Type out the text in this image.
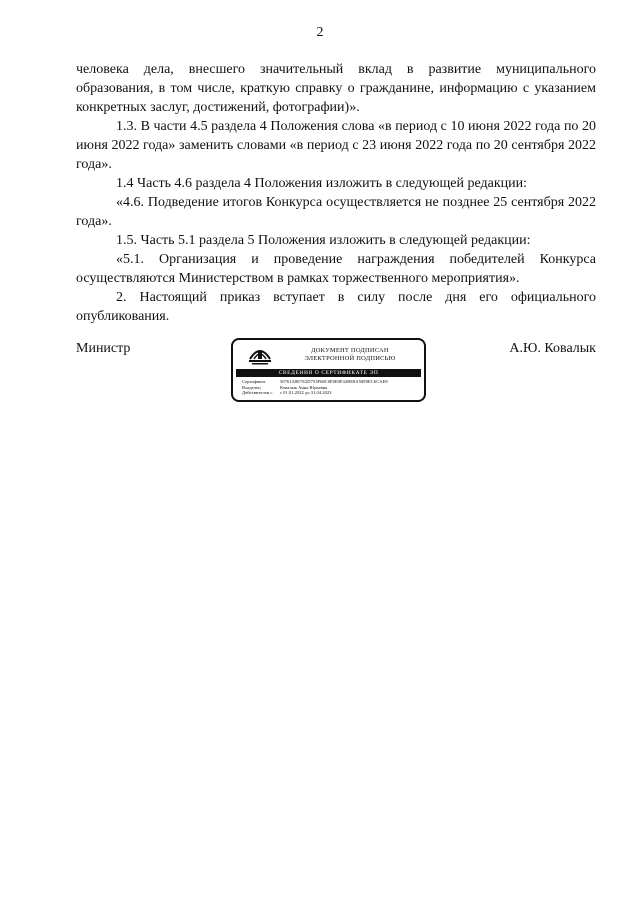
2

человека дела, внесшего значительный вклад в развитие муниципального образования, в том числе, краткую справку о гражданине, информацию с указанием конкретных заслуг, достижений, фотографии)».

1.3. В части 4.5 раздела 4 Положения слова «в период с 10 июня 2022 года по 20 июня 2022 года» заменить словами «в период с 23 июня 2022 года по 20 сентября 2022 года».

1.4 Часть 4.6 раздела 4 Положения изложить в следующей редакции:

«4.6. Подведение итогов Конкурса осуществляется не позднее 25 сентября 2022 года».

1.5. Часть 5.1 раздела 5 Положения изложить в следующей редакции:

«5.1. Организация и проведение награждения победителей Конкурса осуществляются Министерством в рамках торжественного мероприятия».

2. Настоящий приказ вступает в силу после дня его официального опубликования.

Министр	ДОКУМЕНТ ПОДПИСАН
ЭЛЕКТРОННОЙ ПОДПИСЬЮ
СВЕДЕНИЯ О СЕРТИФИКАТЕ ЭП
Сертификат	50761A8E7E2D753F68C0F6E0F42BE8A58F0EC6CAE8
Владелец	Ковалык Анна Юрьевна
Действителен с	с 01.01.2022 до 31.04.2023
А.Ю. Ковалык
